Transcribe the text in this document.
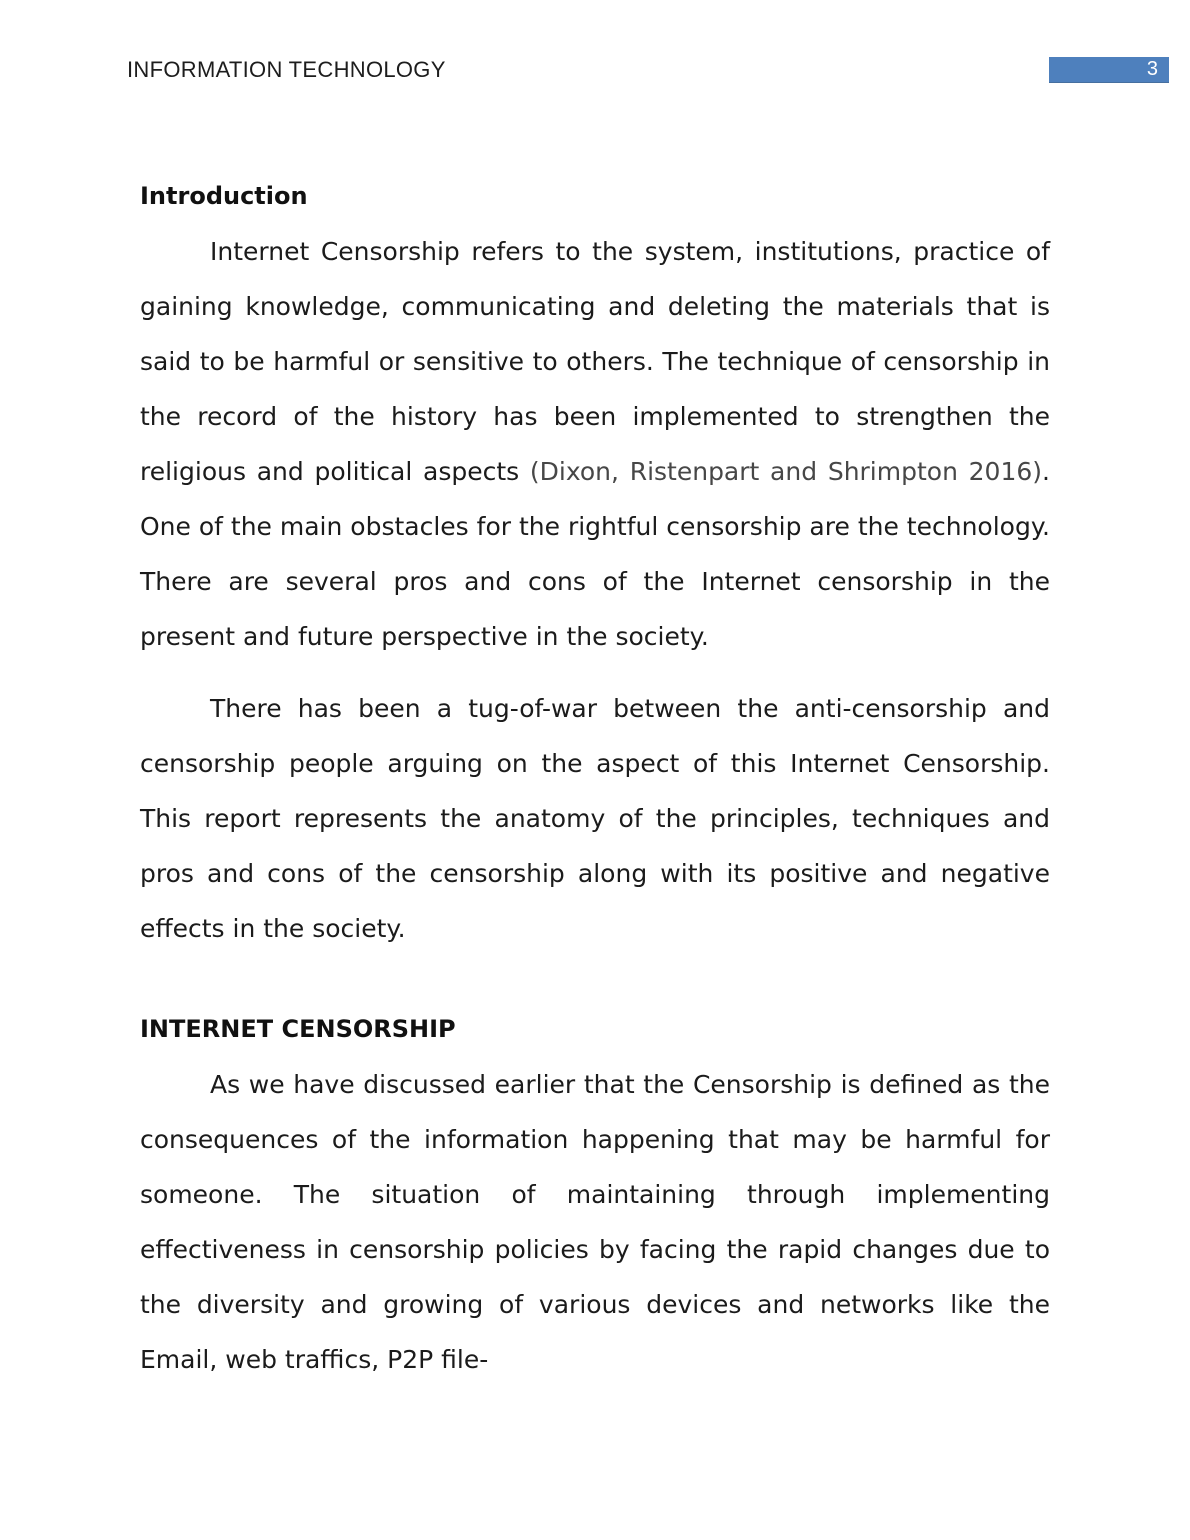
INFORMATION TECHNOLOGY	3
Introduction

Internet Censorship refers to the system, institutions, practice of gaining knowledge, communicating and deleting the materials that is said to be harmful or sensitive to others. The technique of censorship in the record of the history has been implemented to strengthen the religious and political aspects (Dixon, Ristenpart and Shrimpton 2016). One of the main obstacles for the rightful censorship are the technology. There are several pros and cons of the Internet censorship in the present and future perspective in the society.

There has been a tug-of-war between the anti-censorship and censorship people arguing on the aspect of this Internet Censorship. This report represents the anatomy of the principles, techniques and pros and cons of the censorship along with its positive and negative effects in the society.

INTERNET CENSORSHIP

As we have discussed earlier that the Censorship is defined as the consequences of the information happening that may be harmful for someone. The situation of maintaining through implementing effectiveness in censorship policies by facing the rapid changes due to the diversity and growing of various devices and networks like the Email, web traffics, P2P file-
